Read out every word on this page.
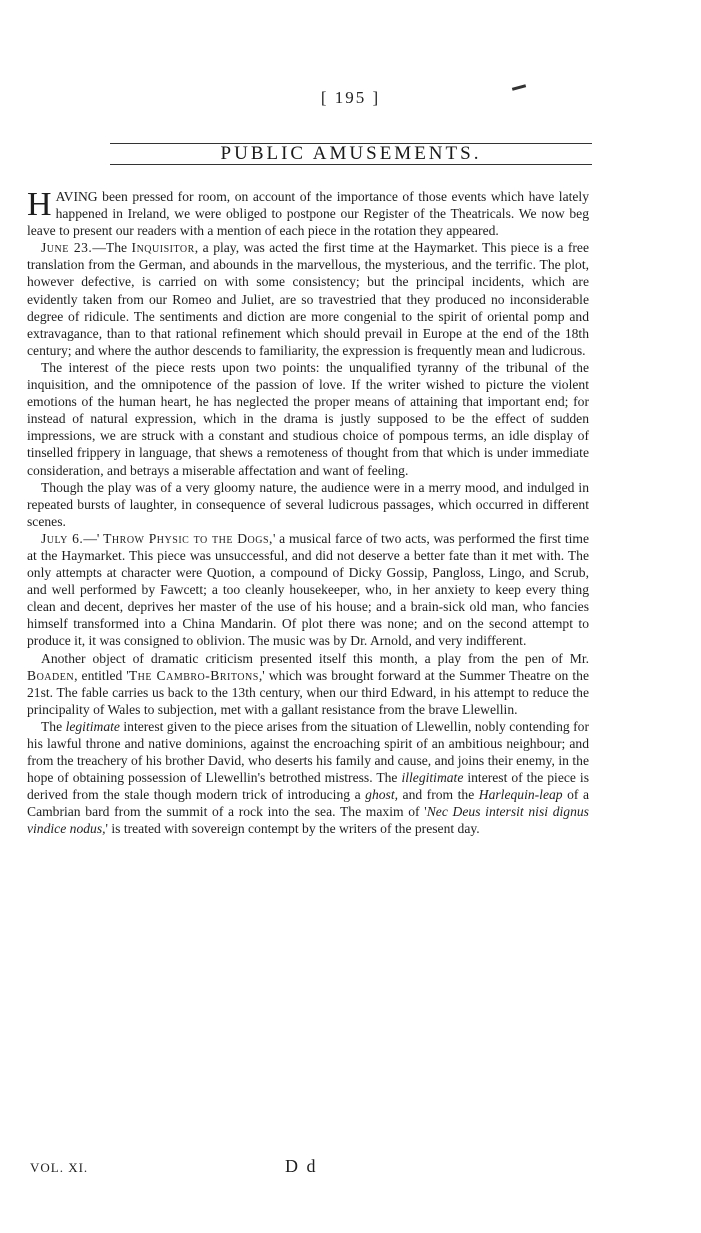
[ 195 ]
PUBLIC AMUSEMENTS.

HAVING been pressed for room, on account of the importance of those events which have lately happened in Ireland, we were obliged to postpone our Register of the Theatricals. We now beg leave to present our readers with a mention of each piece in the rotation they appeared.

June 23.—The Inquisitor, a play, was acted the first time at the Haymarket. This piece is a free translation from the German, and abounds in the marvellous, the mysterious, and the terrific. The plot, however defective, is carried on with some consistency; but the principal incidents, which are evidently taken from our Romeo and Juliet, are so travestried that they produced no inconsiderable degree of ridicule. The sentiments and diction are more congenial to the spirit of oriental pomp and extravagance, than to that rational refinement which should prevail in Europe at the end of the 18th century; and where the author descends to familiarity, the expression is frequently mean and ludicrous.

The interest of the piece rests upon two points: the unqualified tyranny of the tribunal of the inquisition, and the omnipotence of the passion of love. If the writer wished to picture the violent emotions of the human heart, he has neglected the proper means of attaining that important end; for instead of natural expression, which in the drama is justly supposed to be the effect of sudden impressions, we are struck with a constant and studious choice of pompous terms, an idle display of tinselled frippery in language, that shews a remoteness of thought from that which is under immediate consideration, and betrays a miserable affectation and want of feeling.

Though the play was of a very gloomy nature, the audience were in a merry mood, and indulged in repeated bursts of laughter, in consequence of several ludicrous passages, which occurred in different scenes.

July 6.—' Throw Physic to the Dogs,' a musical farce of two acts, was performed the first time at the Haymarket. This piece was unsuccessful, and did not deserve a better fate than it met with. The only attempts at character were Quotion, a compound of Dicky Gossip, Pangloss, Lingo, and Scrub, and well performed by Fawcett; a too cleanly housekeeper, who, in her anxiety to keep every thing clean and decent, deprives her master of the use of his house; and a brain-sick old man, who fancies himself transformed into a China Mandarin. Of plot there was none; and on the second attempt to produce it, it was consigned to oblivion. The music was by Dr. Arnold, and very indifferent.

Another object of dramatic criticism presented itself this month, a play from the pen of Mr. Boaden, entitled 'The Cambro-Britons,' which was brought forward at the Summer Theatre on the 21st. The fable carries us back to the 13th century, when our third Edward, in his attempt to reduce the principality of Wales to subjection, met with a gallant resistance from the brave Llewellin.

The legitimate interest given to the piece arises from the situation of Llewellin, nobly contending for his lawful throne and native dominions, against the encroaching spirit of an ambitious neighbour; and from the treachery of his brother David, who deserts his family and cause, and joins their enemy, in the hope of obtaining possession of Llewellin's betrothed mistress. The illegitimate interest of the piece is derived from the stale though modern trick of introducing a ghost, and from the Harlequin-leap of a Cambrian bard from the summit of a rock into the sea. The maxim of 'Nec Deus intersit nisi dignus vindice nodus,' is treated with sovereign contempt by the writers of the present day.

VOL. XI.	D d
